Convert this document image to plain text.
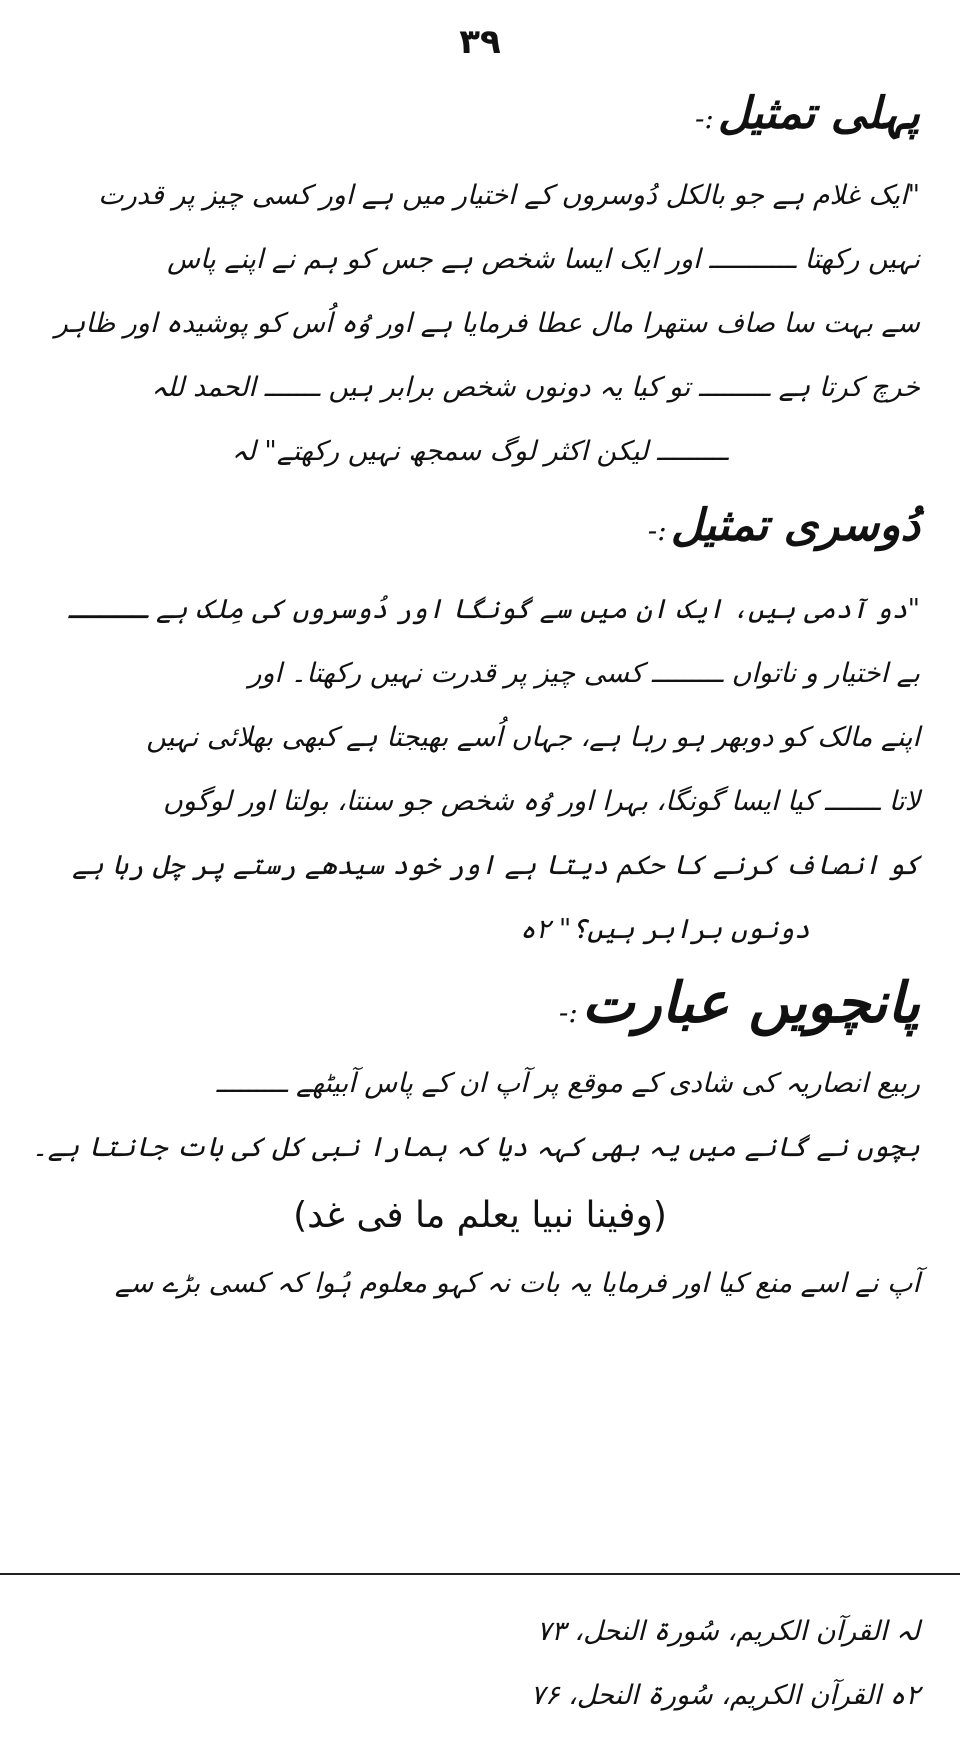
۳۹
پہلی تمثیل:-
"ایک غلام ہے جو بالکل دُوسروں کے اختیار میں ہے اور کسی چیز پر قدرت
نہیں رکھتا ـــــــــــ اور ایک ایسا شخص ہے جس کو ہم نے اپنے پاس
سے بہت سا صاف ستھرا مال عطا فرمایا ہے اور وُہ اُس کو پوشیدہ اور ظاہر
خرچ کرتا ہے ـــــــــ تو کیا یہ دونوں شخص برابر ہیں ـــــــ الحمد للہ
ـــــــــ لیکن اکثر لوگ سمجھ نہیں رکھتے" لہ
دُوسری تمثیل:-
"دو آدمی ہیں، ایک ان میں سے گونگا اور دُوسروں کی مِلک ہے ـــــ
بے اختیار و ناتواں ـــــــــ کسی چیز پر قدرت نہیں رکھتا۔ اور
اپنے مالک کو دوبھر ہو رہا ہے، جہاں اُسے بھیجتا ہے کبھی بھلائی نہیں
لاتا ـــــــ کیا ایسا گونگا، بہرا اور وُہ شخص جو سنتا، بولتا اور لوگوں
کو انصاف کرنے کا حکم دیتا ہے اور خود سیدھے رستے پر چل رہا ہے
دونوں برابر ہیں؟" ٢ہ
پانچویں عبارت:-
ربیع انصاریہ کی شادی کے موقع پر آپ ان کے پاس آبیٹھے ـــــــــ
بچوں نے گانے میں یہ بھی کہہ دیا کہ ہمارا نبی کل کی بات جانتا ہے۔
(وفینا نبیا یعلم ما فی غد)
آپ نے اسے منع کیا اور فرمایا یہ بات نہ کہو معلوم ہُوا کہ کسی بڑے سے
لہ القرآن الکریم، سُورۃ النحل، ۷۳
٢ہ القرآن الکریم، سُورۃ النحل، ۷۶
